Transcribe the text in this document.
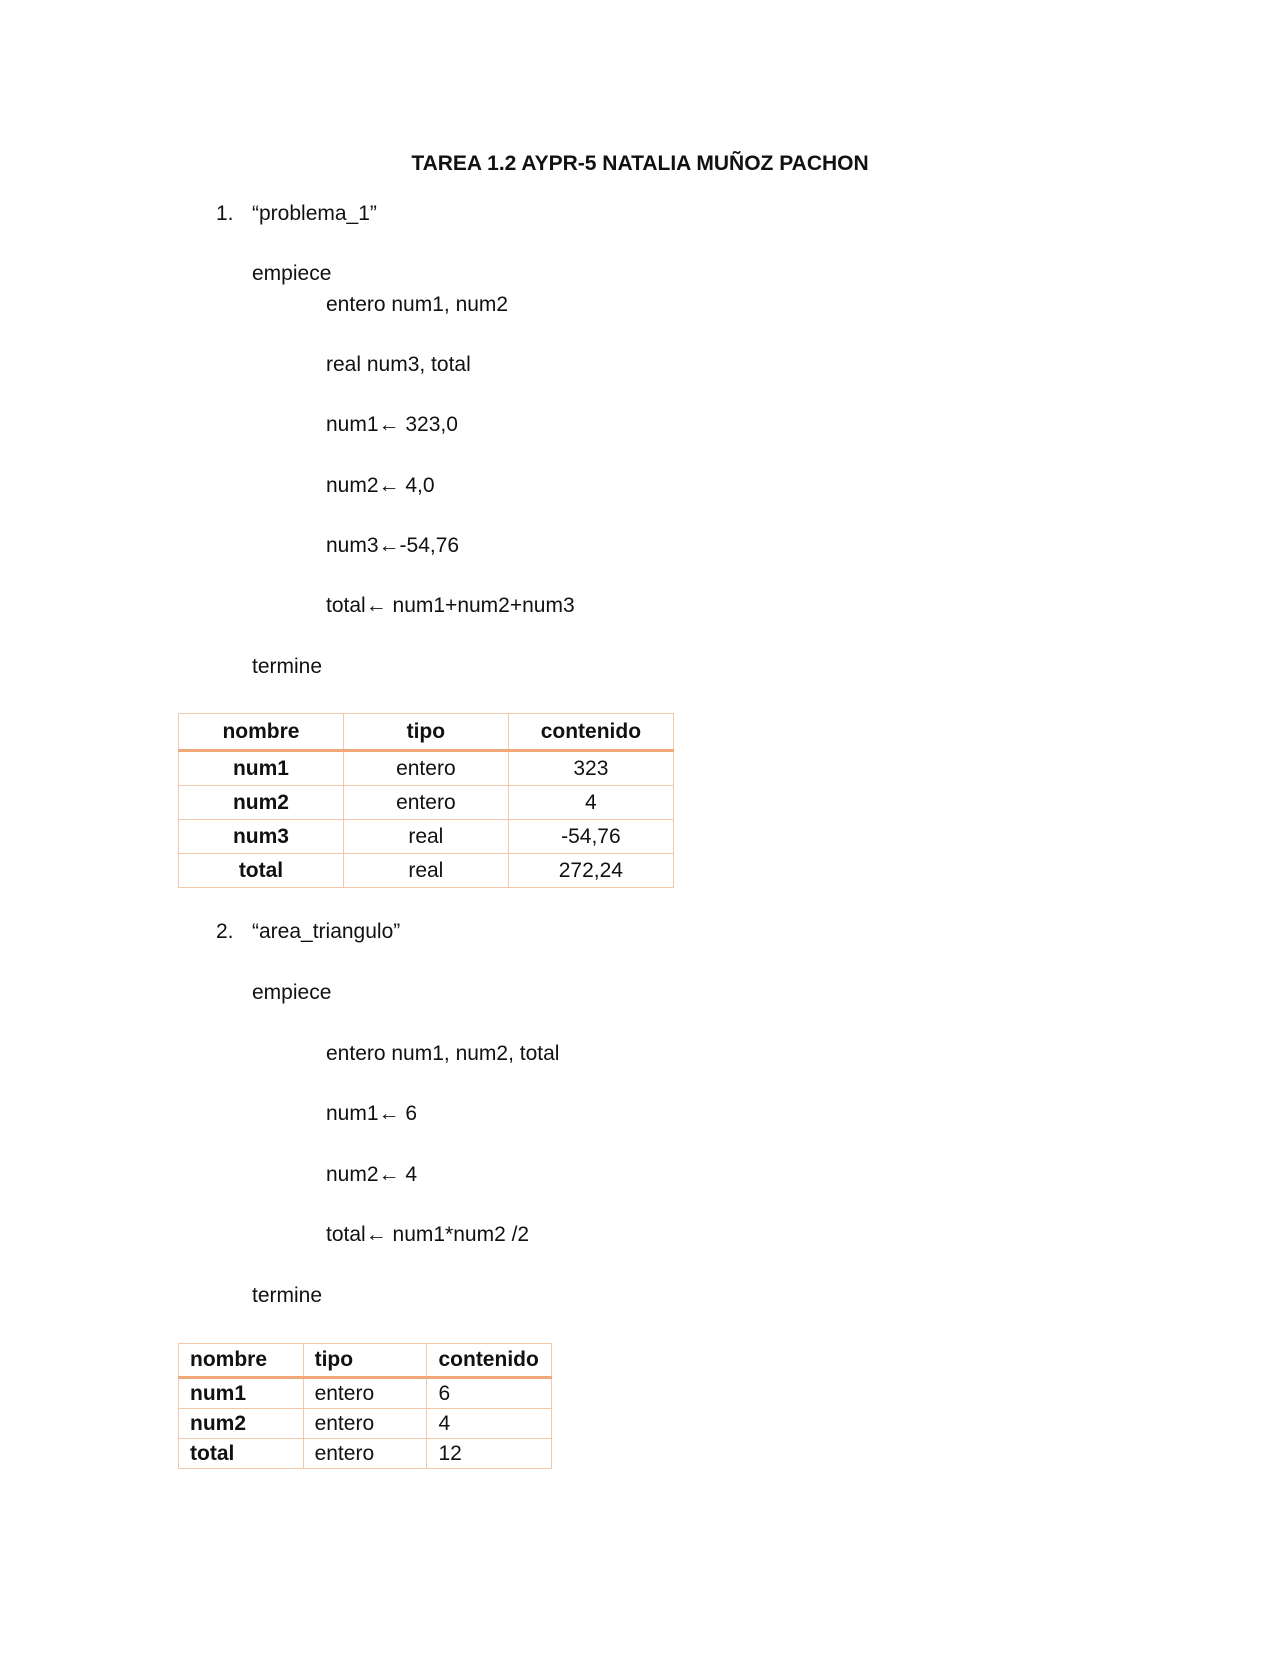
TAREA 1.2 AYPR-5 NATALIA MUÑOZ PACHON
1. “problema_1”
empiece
entero num1, num2
real num3, total
num1← 323,0
num2← 4,0
num3←-54,76
total← num1+num2+num3
termine
nombre	tipo	contenido
num1	entero	323
num2	entero	4
num3	real	-54,76
total	real	272,24
2. “area_triangulo”
empiece
entero num1, num2, total
num1← 6
num2← 4
total← num1*num2 /2
termine
nombre	tipo	contenido
num1	entero	6
num2	entero	4
total	entero	12
